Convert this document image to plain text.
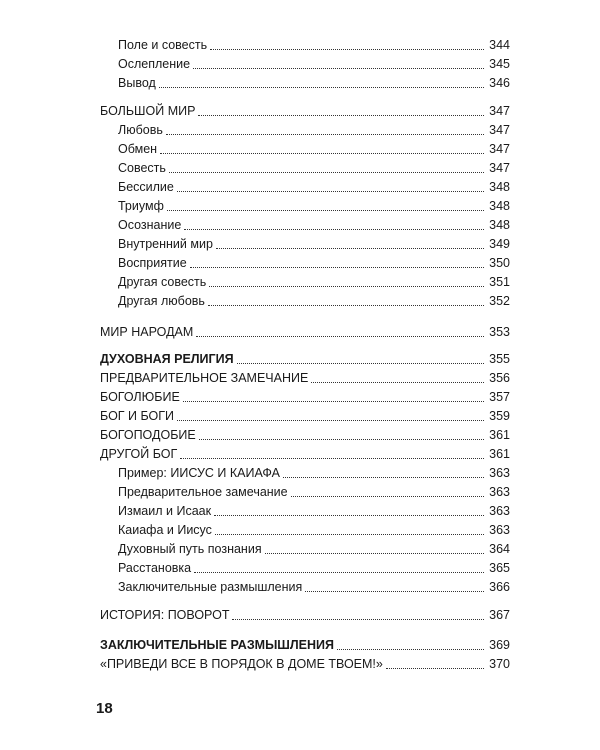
Поле и совесть	344
Ослепление	345
Вывод	346
БОЛЬШОЙ МИР	347
Любовь	347
Обмен	347
Совесть	347
Бессилие	348
Триумф	348
Осознание	348
Внутренний мир	349
Восприятие	350
Другая совесть	351
Другая любовь	352
МИР НАРОДАМ	353
ДУХОВНАЯ РЕЛИГИЯ	355
ПРЕДВАРИТЕЛЬНОЕ ЗАМЕЧАНИЕ	356
БОГОЛЮБИЕ	357
БОГ И БОГИ	359
БОГОПОДОБИЕ	361
ДРУГОЙ БОГ	361
Пример: ИИСУС И КАИАФА	363
Предварительное замечание	363
Измаил и Исаак	363
Каиафа и Иисус	363
Духовный путь познания	364
Расстановка	365
Заключительные размышления	366
ИСТОРИЯ: ПОВОРОТ	367
ЗАКЛЮЧИТЕЛЬНЫЕ РАЗМЫШЛЕНИЯ	369
«ПРИВЕДИ ВСЕ В ПОРЯДОК В ДОМЕ ТВОЕМ!»	370
18
